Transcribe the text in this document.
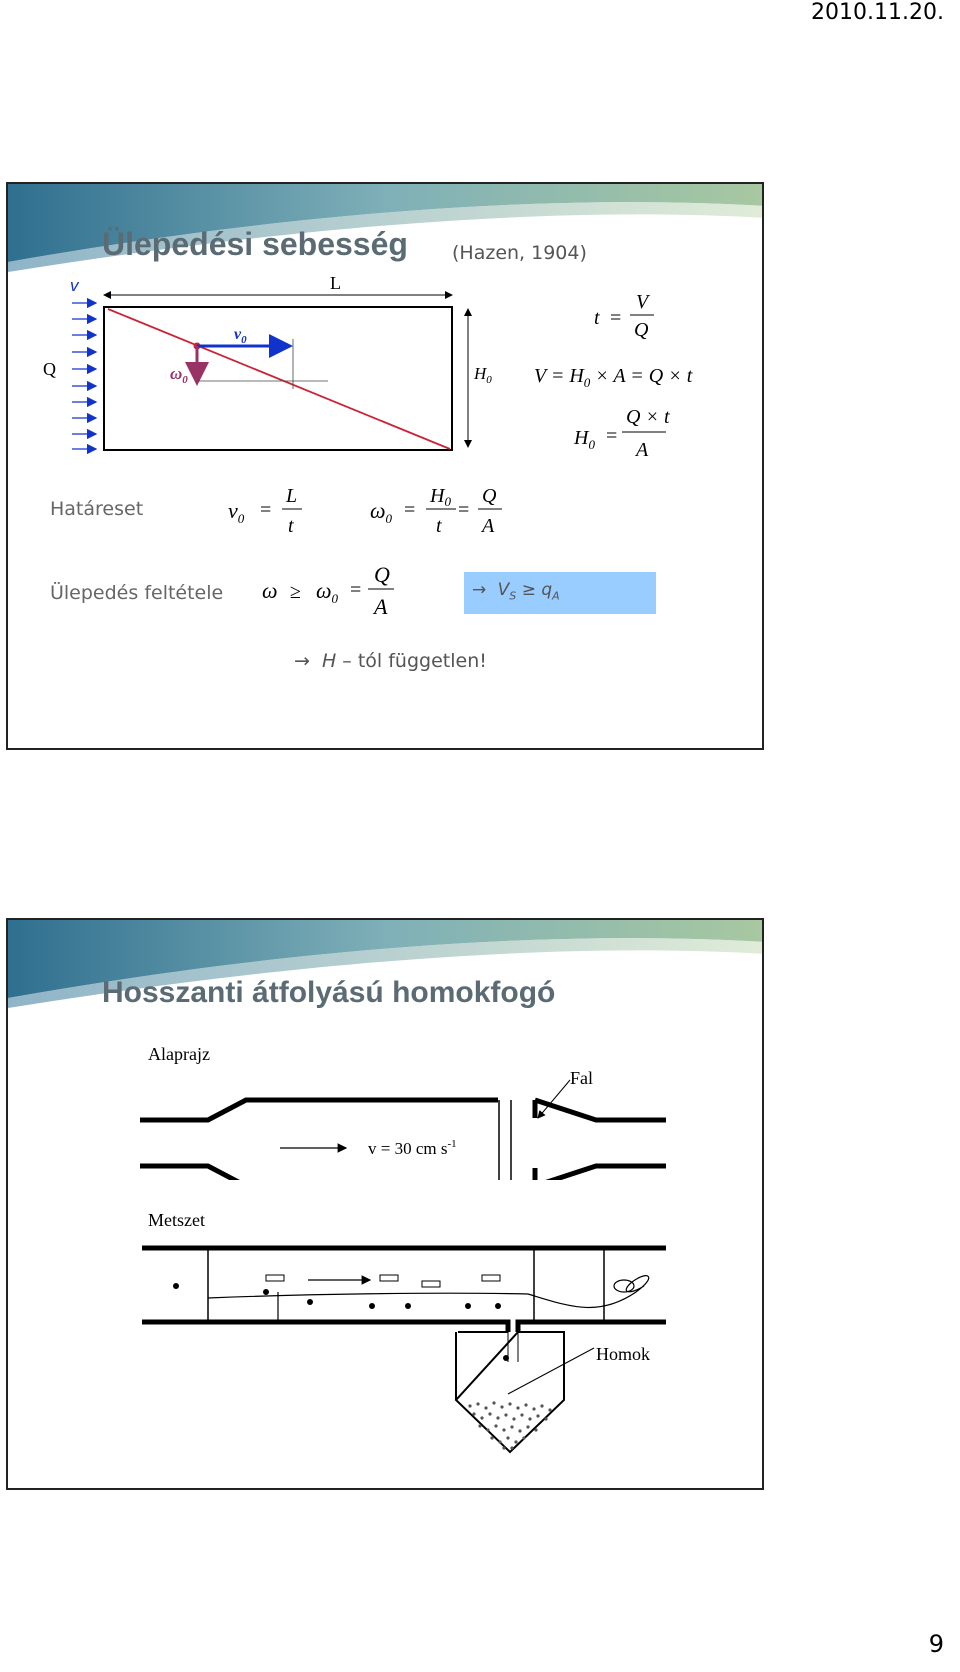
2010.11.20.
Ülepedési sebesség (Hazen, 1904)
v
Q
L
$v_0$
$\omega_0$	$H_0$
t =
V
Q
$V = H_0 \times A = Q \times t$
$H_0$ =
Q × t
A
Határeset	$v_0$ =
L
t
$\omega_0$ =
$H_0$
t
=
Q
A
Ülepedés feltétele $\omega \ge \omega_0$ =
Q
A
→ $V_S \ge q_A$
→ H – tól független!
Hosszanti átfolyású homokfogó
Alaprajz
Fal
v = 30 cm $s^{-1}$
Metszet
Homok
9
